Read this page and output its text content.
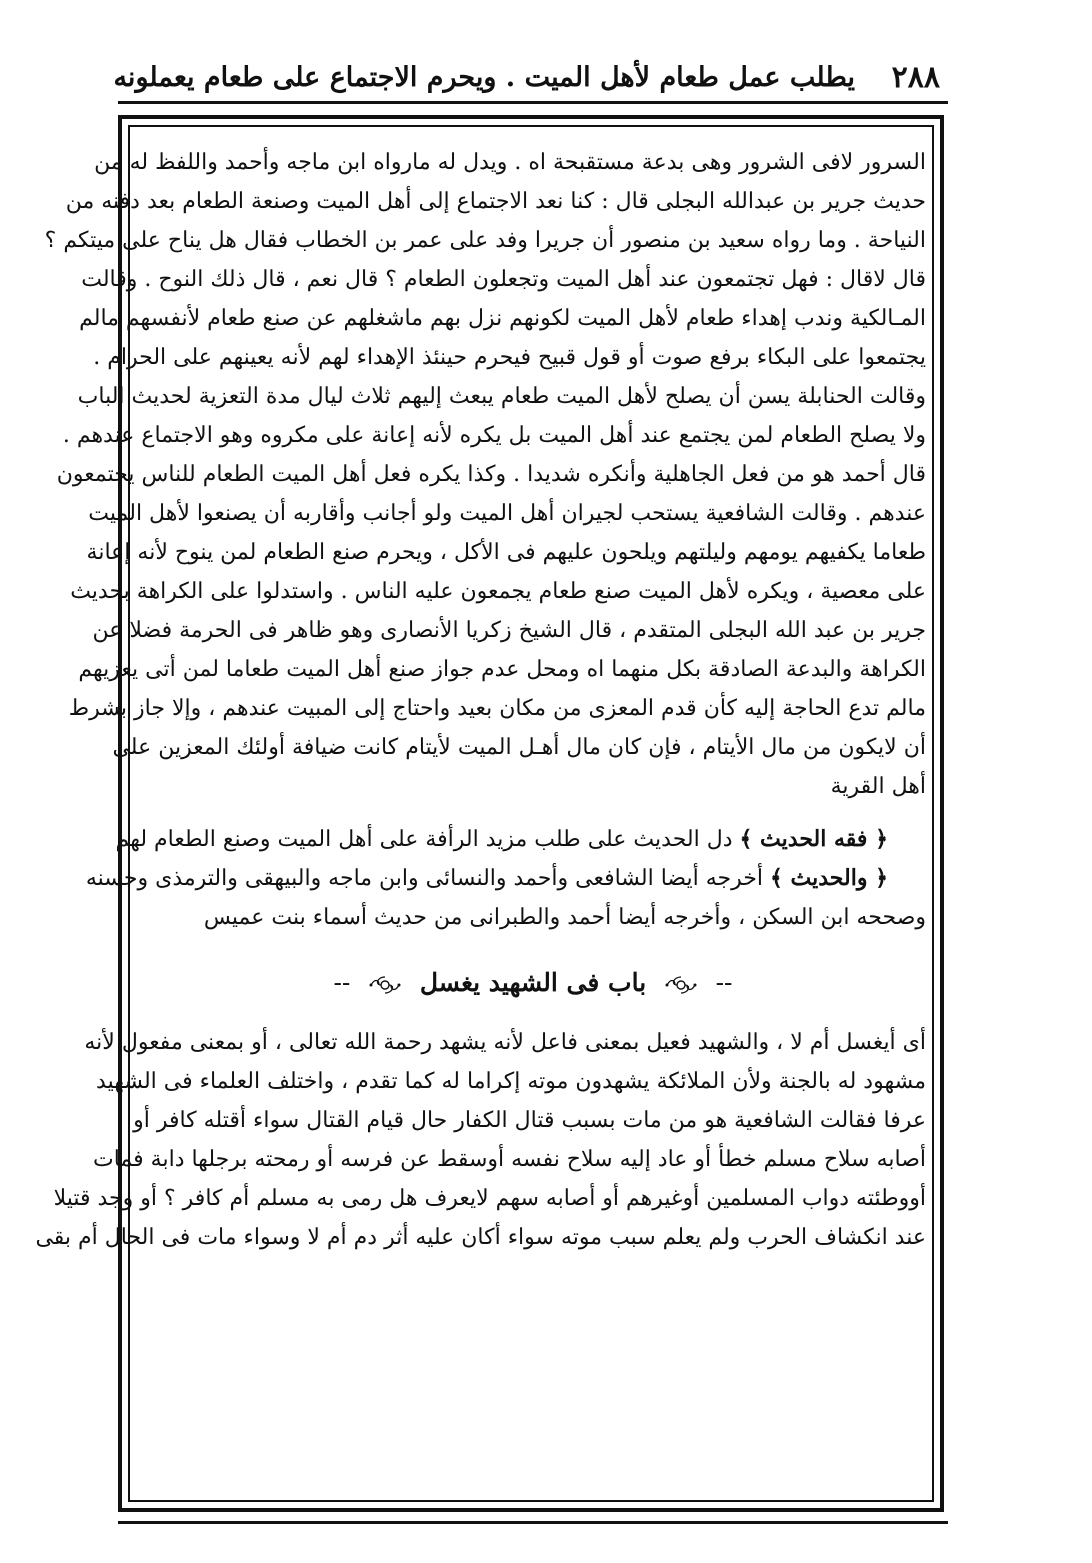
٢٨٨
يطلب عمل طعام لأهل الميت . ويحرم الاجتماع على طعام يعملونه
السرور لافى الشرور وهى بدعة مستقبحة اه . ويدل له مارواه ابن ماجه وأحمد واللفظ له من
حديث جرير بن عبدالله البجلى قال : كنا نعد الاجتماع إلى أهل الميت وصنعة الطعام بعد دفنه من
النياحة . وما رواه سعيد بن منصور أن جريرا وفد على عمر بن الخطاب فقال هل يناح على ميتكم ؟
قال لاقال : فهل تجتمعون عند أهل الميت وتجعلون الطعام ؟ قال نعم ، قال ذلك النوح . وقالت
المـالكية وندب إهداء طعام لأهل الميت لكونهم نزل بهم ماشغلهم عن صنع طعام لأنفسهم مالم
يجتمعوا على البكاء برفع صوت أو قول قبيح فيحرم حينئذ الإهداء لهم لأنه يعينهم على الحرام .
وقالت الحنابلة يسن أن يصلح لأهل الميت طعام يبعث إليهم ثلاث ليال مدة التعزية لحديث الباب
ولا يصلح الطعام لمن يجتمع عند أهل الميت بل يكره لأنه إعانة على مكروه وهو الاجتماع عندهم .
قال أحمد هو من فعل الجاهلية وأنكره شديدا . وكذا يكره فعل أهل الميت الطعام للناس يجتمعون
عندهم . وقالت الشافعية يستحب لجيران أهل الميت ولو أجانب وأقاربه أن يصنعوا لأهل الميت
طعاما يكفيهم يومهم وليلتهم ويلحون عليهم فى الأكل ، ويحرم صنع الطعام لمن ينوح لأنه إعانة
على معصية ، ويكره لأهل الميت صنع طعام يجمعون عليه الناس . واستدلوا على الكراهة بحديث
جرير بن عبد الله البجلى المتقدم ، قال الشيخ زكريا الأنصارى وهو ظاهر فى الحرمة فضلا عن
الكراهة والبدعة الصادقة بكل منهما اه ومحل عدم جواز صنع أهل الميت طعاما لمن أتى يعزيهم
مالم تدع الحاجة إليه كأن قدم المعزى من مكان بعيد واحتاج إلى المبيت عندهم ، وإلا جاز بشرط
أن لايكون من مال الأيتام ، فإن كان مال أهـل الميت لأيتام كانت ضيافة أولئك المعزين على
أهل القرية
﴿ فقه الحديث ﴾ دل الحديث على طلب مزيد الرأفة على أهل الميت وصنع الطعام لهم
﴿ والحديث ﴾ أخرجه أيضا الشافعى وأحمد والنسائى وابن ماجه والبيهقى والترمذى وحسنه
وصححه ابن السكن ، وأخرجه أيضا أحمد والطبرانى من حديث أسماء بنت عميس
--  باب فى الشهيد يغسل  --
أى أيغسل أم لا ، والشهيد فعيل بمعنى فاعل لأنه يشهد رحمة الله تعالى ، أو بمعنى مفعول لأنه
مشهود له بالجنة ولأن الملائكة يشهدون موته إكراما له كما تقدم ، واختلف العلماء فى الشهيد
عرفا فقالت الشافعية هو من مات بسبب قتال الكفار حال قيام القتال سواء أقتله كافر أو
أصابه سلاح مسلم خطأ أو عاد إليه سلاح نفسه أوسقط عن فرسه أو رمحته برجلها دابة فمات
أووطئته دواب المسلمين أوغيرهم أو أصابه سهم لايعرف هل رمى به مسلم أم كافر ؟ أو وجد قتيلا
عند انكشاف الحرب ولم يعلم سبب موته سواء أكان عليه أثر دم أم لا وسواء مات فى الحال أم بقى
